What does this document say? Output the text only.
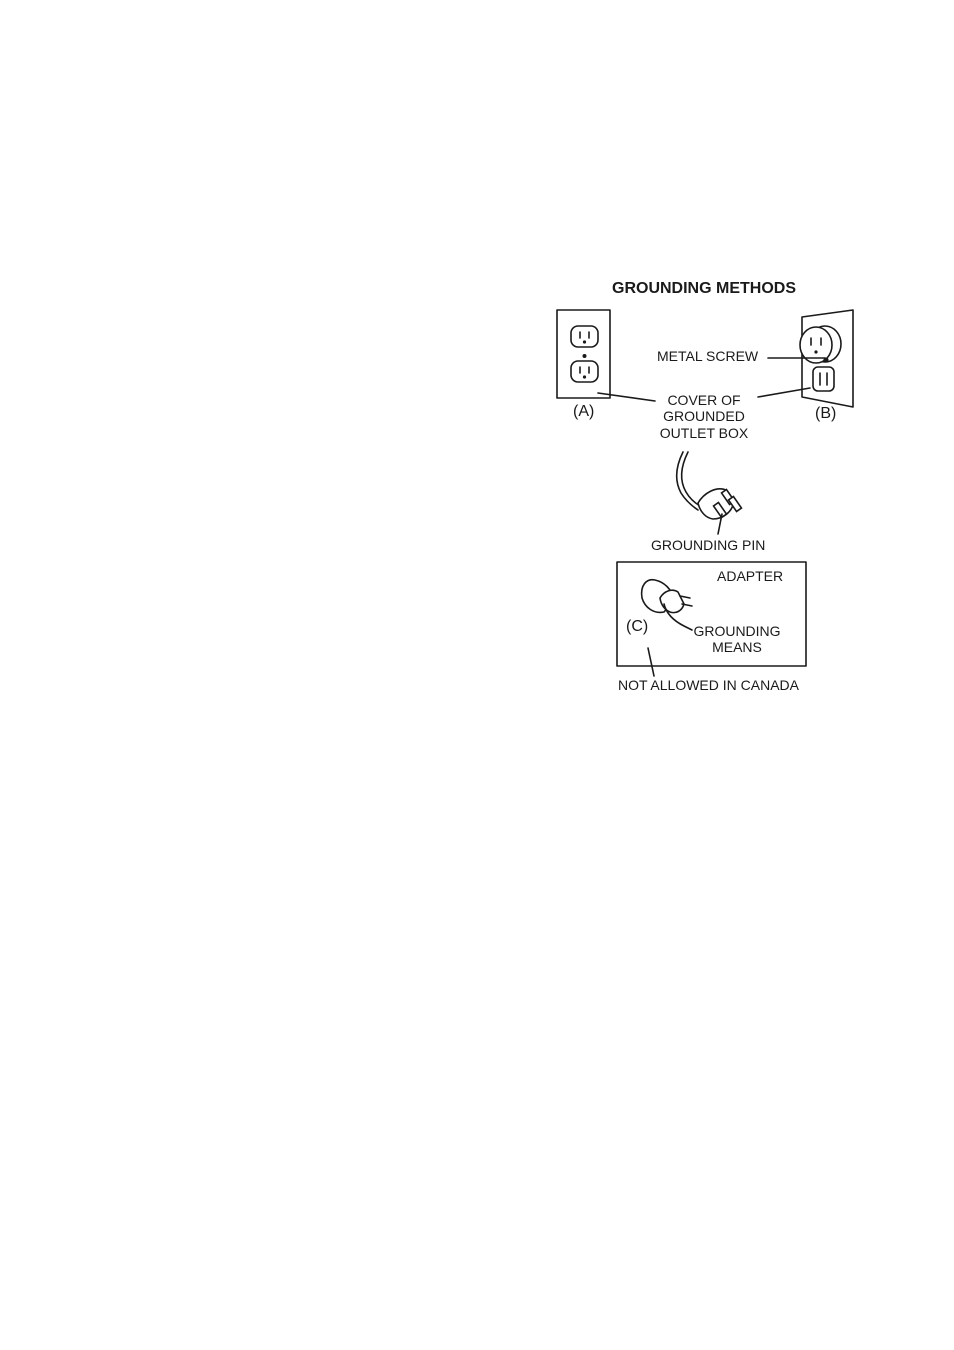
GROUNDING METHODS
METAL SCREW
(A)	(B)
COVER OF
GROUNDED
OUTLET BOX
GROUNDING PIN
ADAPTER
(C)	GROUNDING
MEANS
NOT ALLOWED IN CANADA
